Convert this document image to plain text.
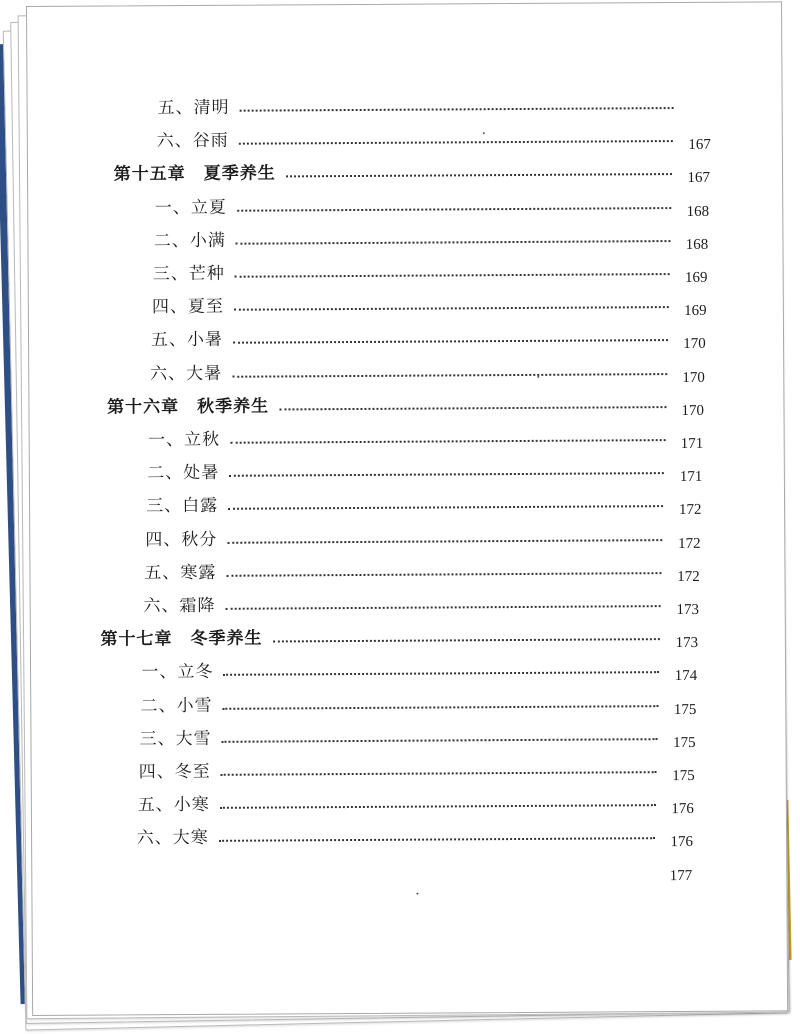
五、清明
六、谷雨	167
第十五章　夏季养生	167
一、立夏	168
二、小满	168
三、芒种	169
四、夏至	169
五、小暑	170
六、大暑	170
第十六章　秋季养生	170
一、立秋	171
二、处暑	171
三、白露	172
四、秋分	172
五、寒露	172
六、霜降	173
第十七章　冬季养生	173
一、立冬	174
二、小雪	175
三、大雪	175
四、冬至	175
五、小寒	176
六、大寒	176
177
